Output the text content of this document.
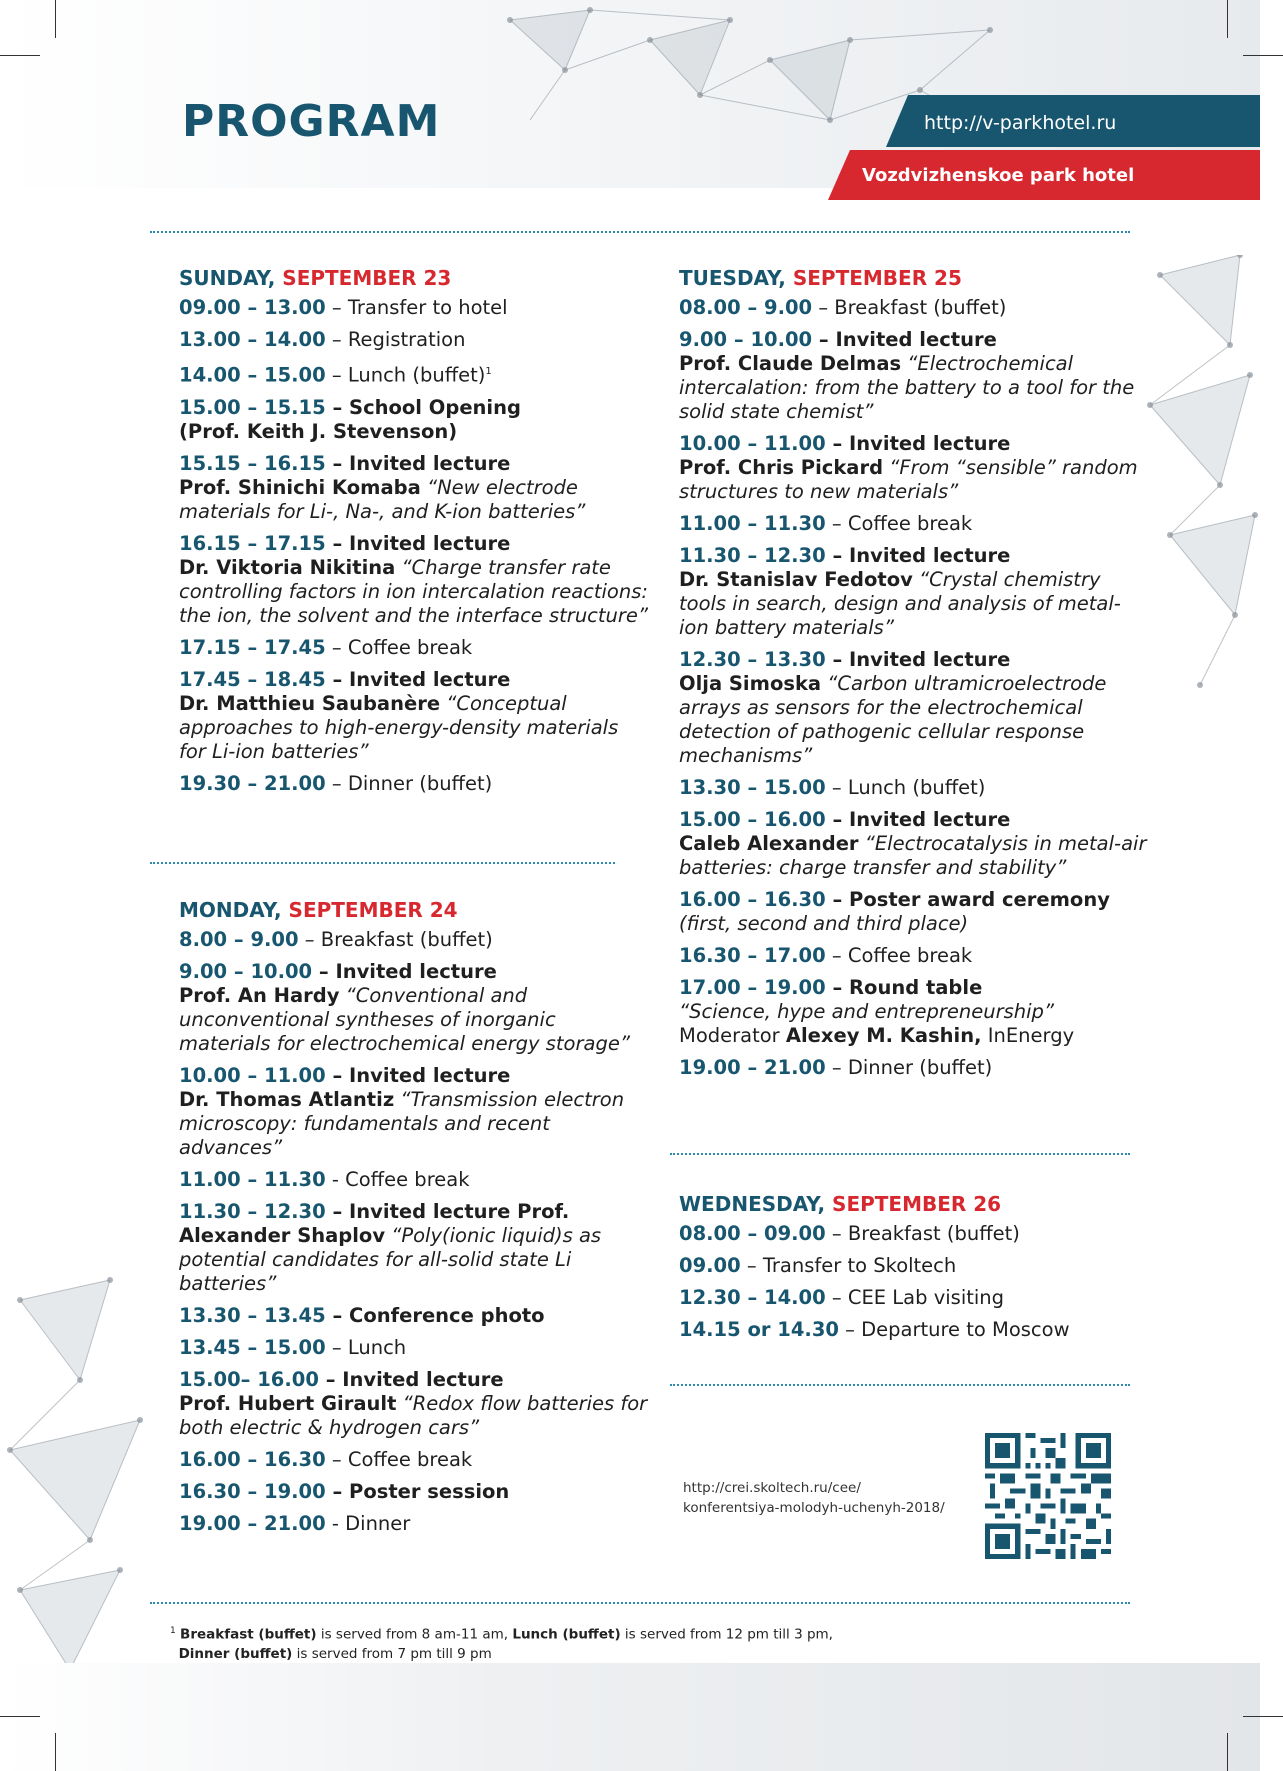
PROGRAM	http://v-parkhotel.ru
Vozdvizhenskoe park hotel

SUNDAY, SEPTEMBER 23

09.00 – 13.00 – Transfer to hotel

13.00 – 14.00 – Registration

14.00 – 15.00 – Lunch (buffet)$^1$

15.00 – 15.15 – School Opening
(Prof. Keith J. Stevenson)

15.15 – 16.15 – Invited lecture
Prof. Shinichi Komaba “New electrode materials for Li-, Na-, and K-ion batteries”

16.15 – 17.15 – Invited lecture
Dr. Viktoria Nikitina “Charge transfer rate controlling factors in ion intercalation reactions: the ion, the solvent and the interface structure”

17.15 – 17.45 – Coffee break

17.45 – 18.45 – Invited lecture
Dr. Matthieu Saubanère “Conceptual approaches to high-energy-density materials for Li-ion batteries”

19.30 – 21.00 – Dinner (buffet)

MONDAY, SEPTEMBER 24

8.00 – 9.00 – Breakfast (buffet)

9.00 – 10.00 – Invited lecture
Prof. An Hardy “Conventional and unconventional syntheses of inorganic materials for electrochemical energy storage”

10.00 – 11.00 – Invited lecture
Dr. Thomas Atlantiz “Transmission electron microscopy: fundamentals and recent advances”

11.00 – 11.30 - Coffee break

11.30 – 12.30 – Invited lecture Prof. Alexander Shaplov “Poly(ionic liquid)s as potential candidates for all-solid state Li batteries”

13.30 – 13.45 – Conference photo

13.45 – 15.00 – Lunch

15.00– 16.00 – Invited lecture
Prof. Hubert Girault “Redox flow batteries for both electric & hydrogen cars”

16.00 – 16.30 – Coffee break

16.30 – 19.00 – Poster session

19.00 – 21.00 - Dinner

TUESDAY, SEPTEMBER 25

08.00 – 9.00 – Breakfast (buffet)

9.00 – 10.00 – Invited lecture
Prof. Claude Delmas “Electrochemical intercalation: from the battery to a tool for the solid state chemist”

10.00 – 11.00 – Invited lecture
Prof. Chris Pickard “From “sensible” random structures to new materials”

11.00 – 11.30 – Coffee break

11.30 – 12.30 – Invited lecture
Dr. Stanislav Fedotov “Crystal chemistry tools in search, design and analysis of metal-ion battery materials”

12.30 – 13.30 – Invited lecture
Olja Simoska “Carbon ultramicroelectrode arrays as sensors for the electrochemical detection of pathogenic cellular response mechanisms”

13.30 – 15.00 – Lunch (buffet)

15.00 – 16.00 – Invited lecture
Caleb Alexander “Electrocatalysis in metal-air batteries: charge transfer and stability”

16.00 – 16.30 – Poster award ceremony
(first, second and third place)

16.30 – 17.00 – Coffee break

17.00 – 19.00 – Round table
“Science, hype and entrepreneurship”
Moderator Alexey M. Kashin, InEnergy

19.00 – 21.00 – Dinner (buffet)

WEDNESDAY, SEPTEMBER 26

08.00 – 09.00 – Breakfast (buffet)

09.00 – Transfer to Skoltech

12.30 – 14.00 – CEE Lab visiting

14.15 or 14.30 – Departure to Moscow

http://crei.skoltech.ru/cee/
konferentsiya-molodyh-uchenyh-2018/
$^1$ Breakfast (buffet) is served from 8 am-11 am, Lunch (buffet) is served from 12 pm till 3 pm,
Dinner (buffet) is served from 7 pm till 9 pm
